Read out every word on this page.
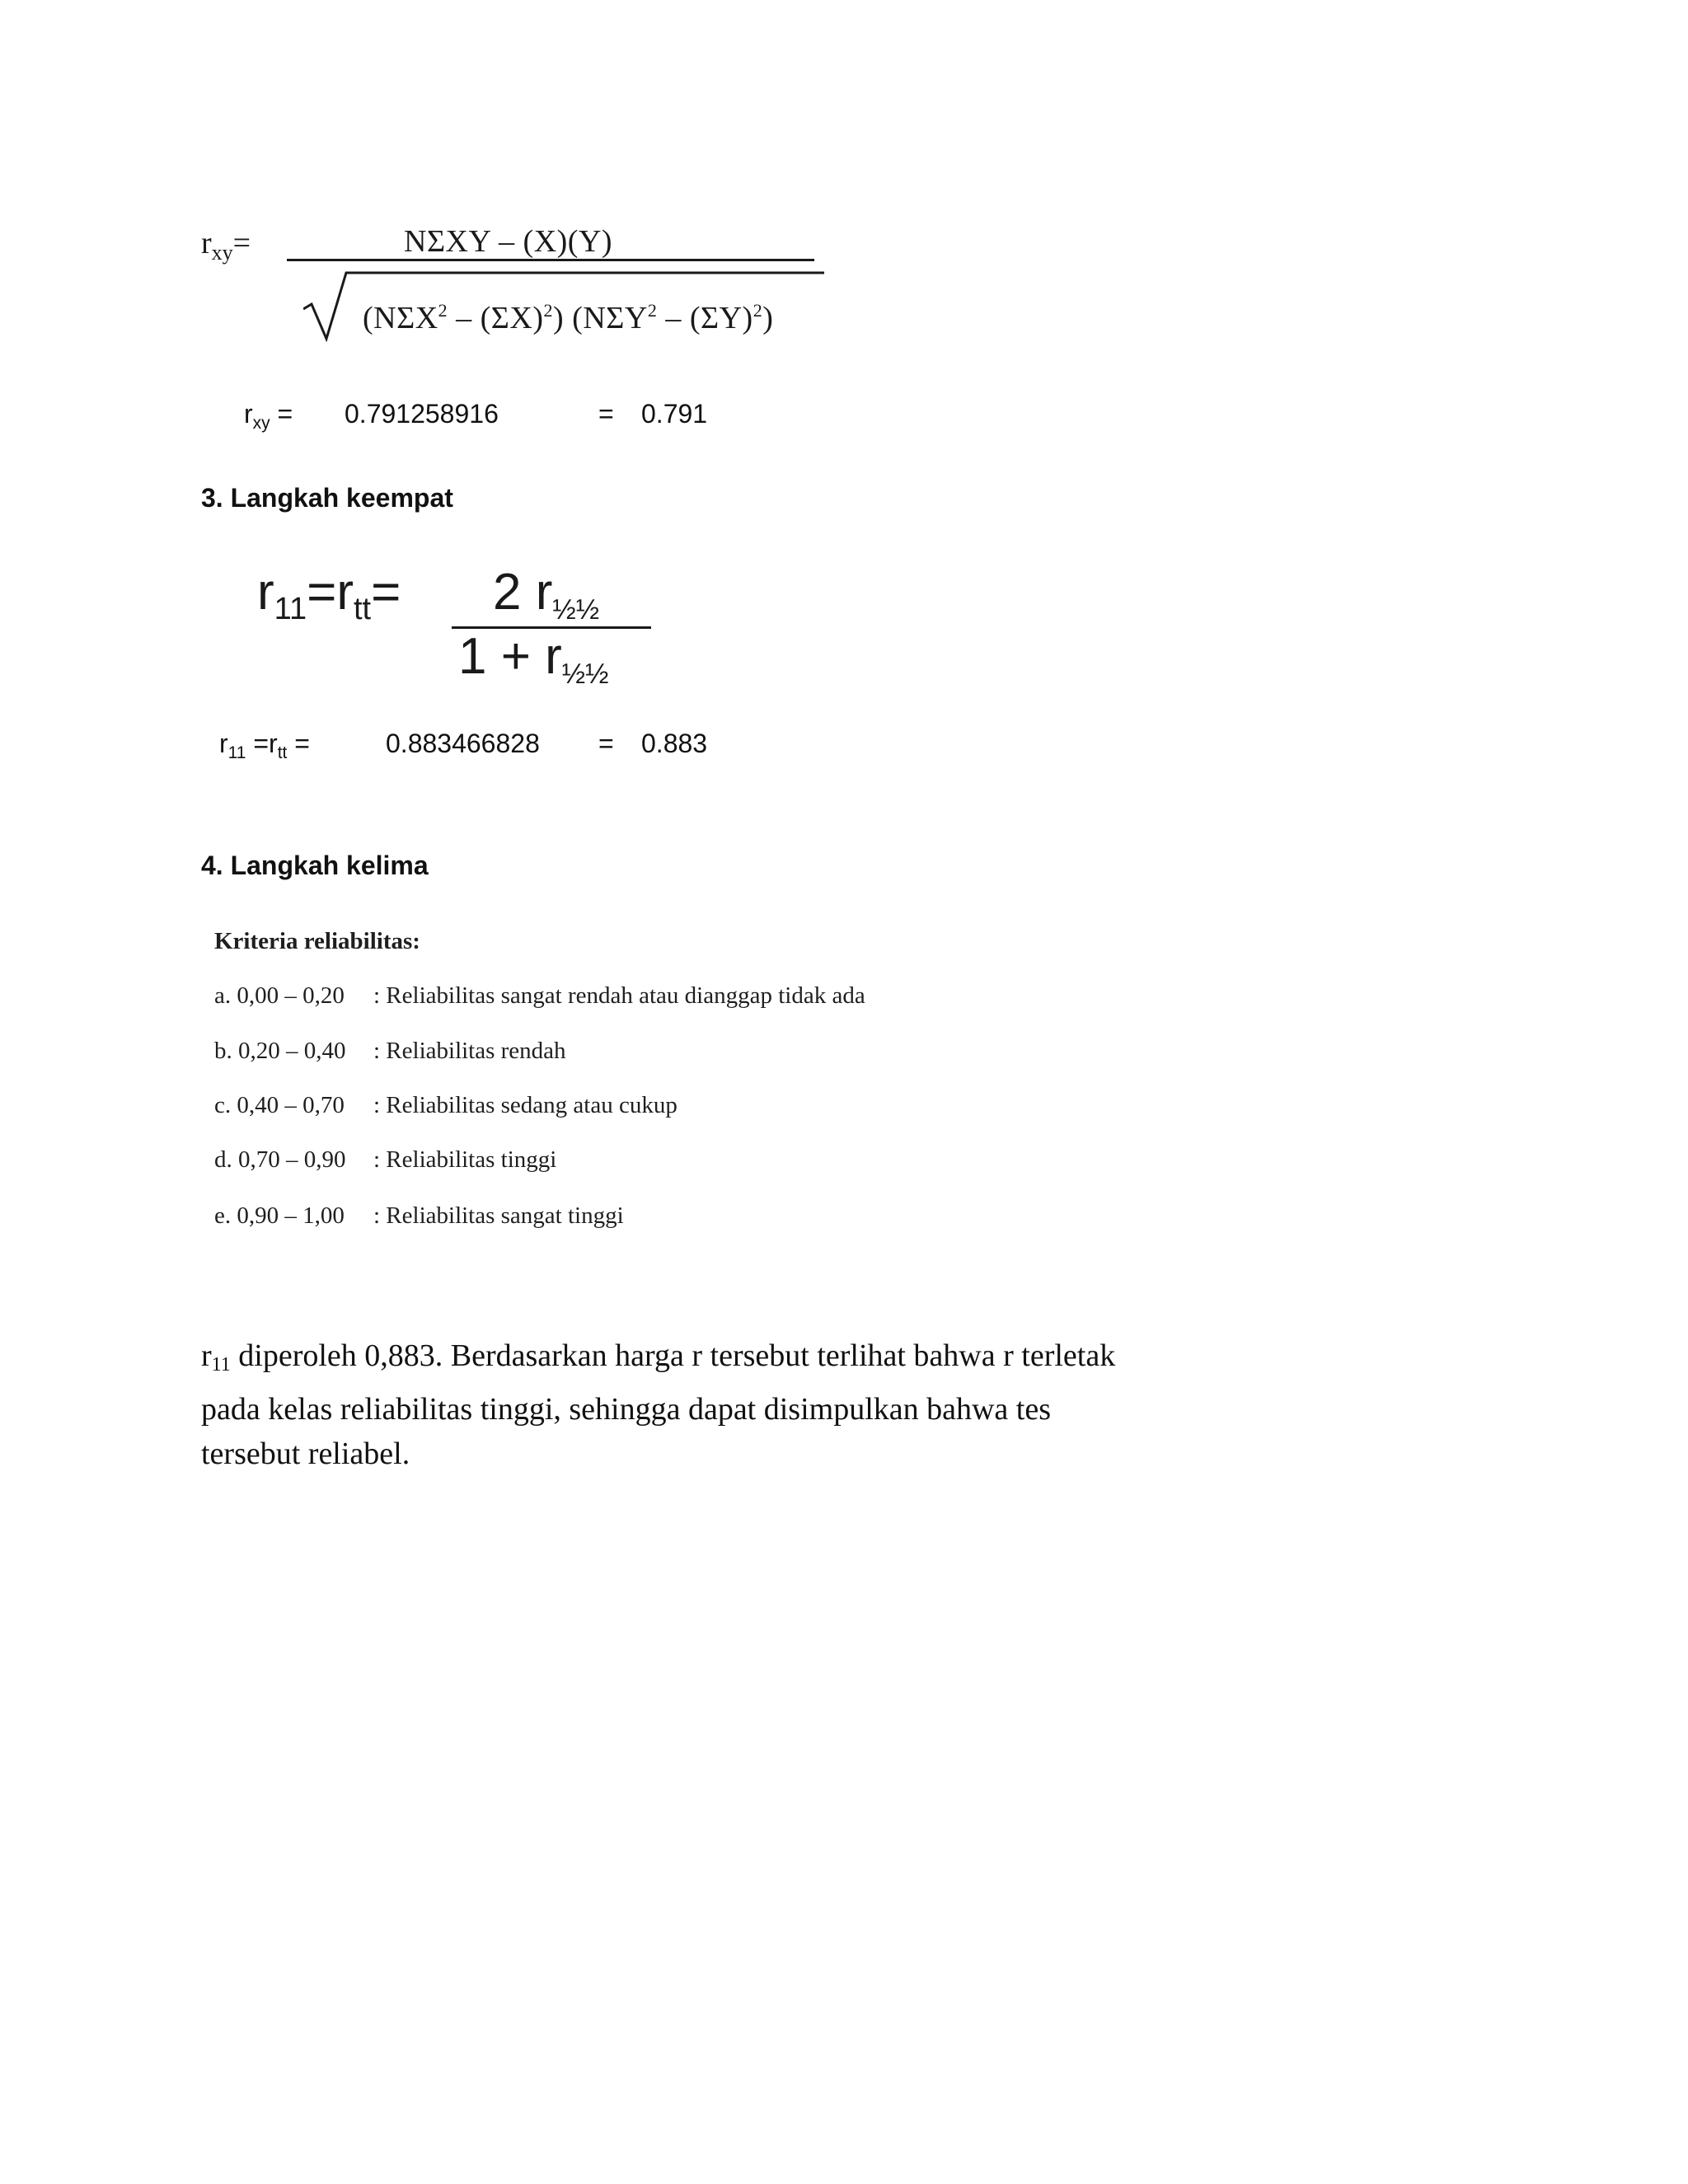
$r_{xy}=$	NΣXY – (X)(Y)
$(N\Sigma X^2 - (\Sigma X)^2)$ $(N\Sigma Y^2 - (\Sigma Y)^2)$
$r_{xy} = 0.791258916$	= 0.791
3. Langkah keempat
$r_{11}=r_{tt}= 2$ $r_{\frac{1}{2}\frac{1}{2}}$
$1 + r_{\frac{1}{2}\frac{1}{2}}$
$r_{11} =r_{tt}$ =	0.883466828 = 0.883
4. Langkah kelima
Kriteria reliabilitas:
a. 0,00 – 0,20 : Reliabilitas sangat rendah atau dianggap tidak ada
b. 0,20 – 0,40 : Reliabilitas rendah
c. 0,40 – 0,70 : Reliabilitas sedang atau cukup
d. 0,70 – 0,90 : Reliabilitas tinggi
e. 0,90 – 1,00 : Reliabilitas sangat tinggi
$r_{11}$ diperoleh 0,883. Berdasarkan harga r tersebut terlihat bahwa r terletak
pada kelas reliabilitas tinggi, sehingga dapat disimpulkan bahwa tes
tersebut reliabel.
